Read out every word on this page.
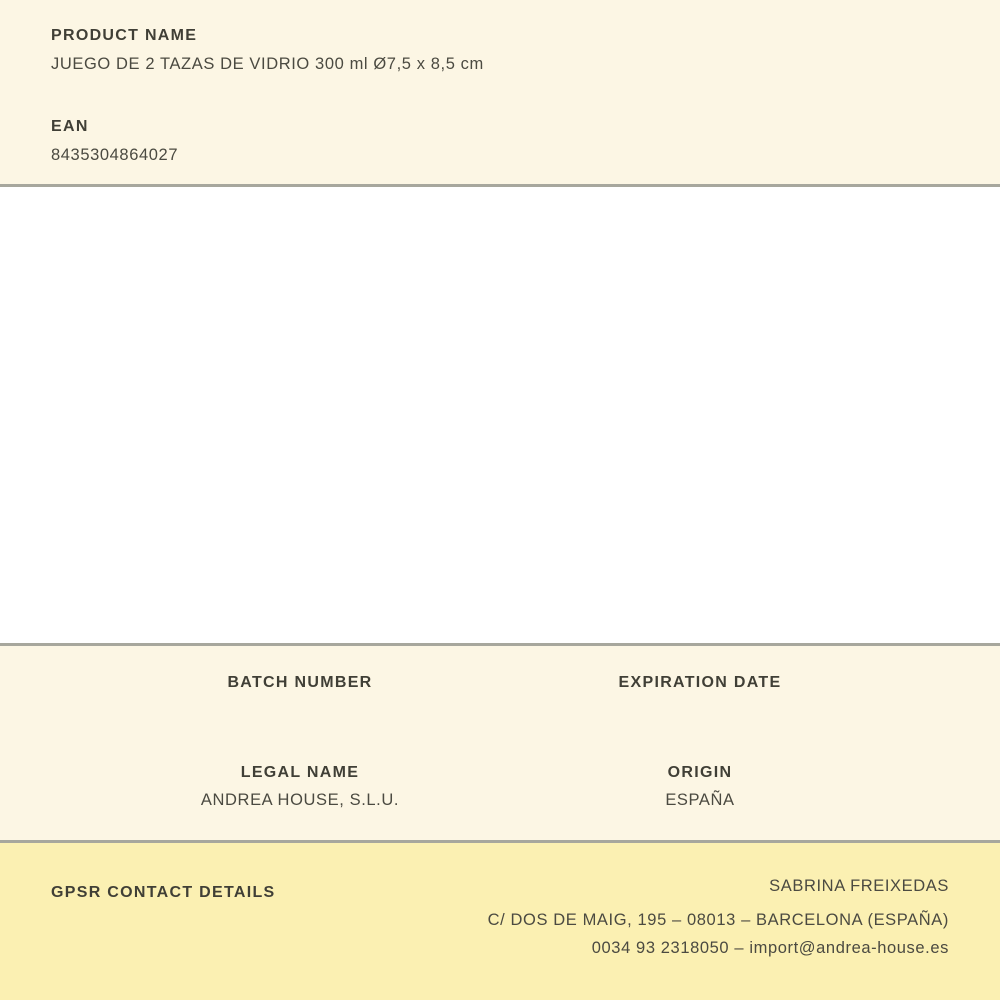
PRODUCT NAME
JUEGO DE 2 TAZAS DE VIDRIO 300 ml Ø7,5 x 8,5 cm
EAN
8435304864027
BATCH NUMBER	EXPIRATION DATE
LEGAL NAME
ANDREA HOUSE, S.L.U.
ORIGIN
ESPAÑA
GPSR CONTACT DETAILS	SABRINA FREIXEDAS
C/ DOS DE MAIG, 195 – 08013 – BARCELONA (ESPAÑA)
0034 93 2318050 – import@andrea-house.es
